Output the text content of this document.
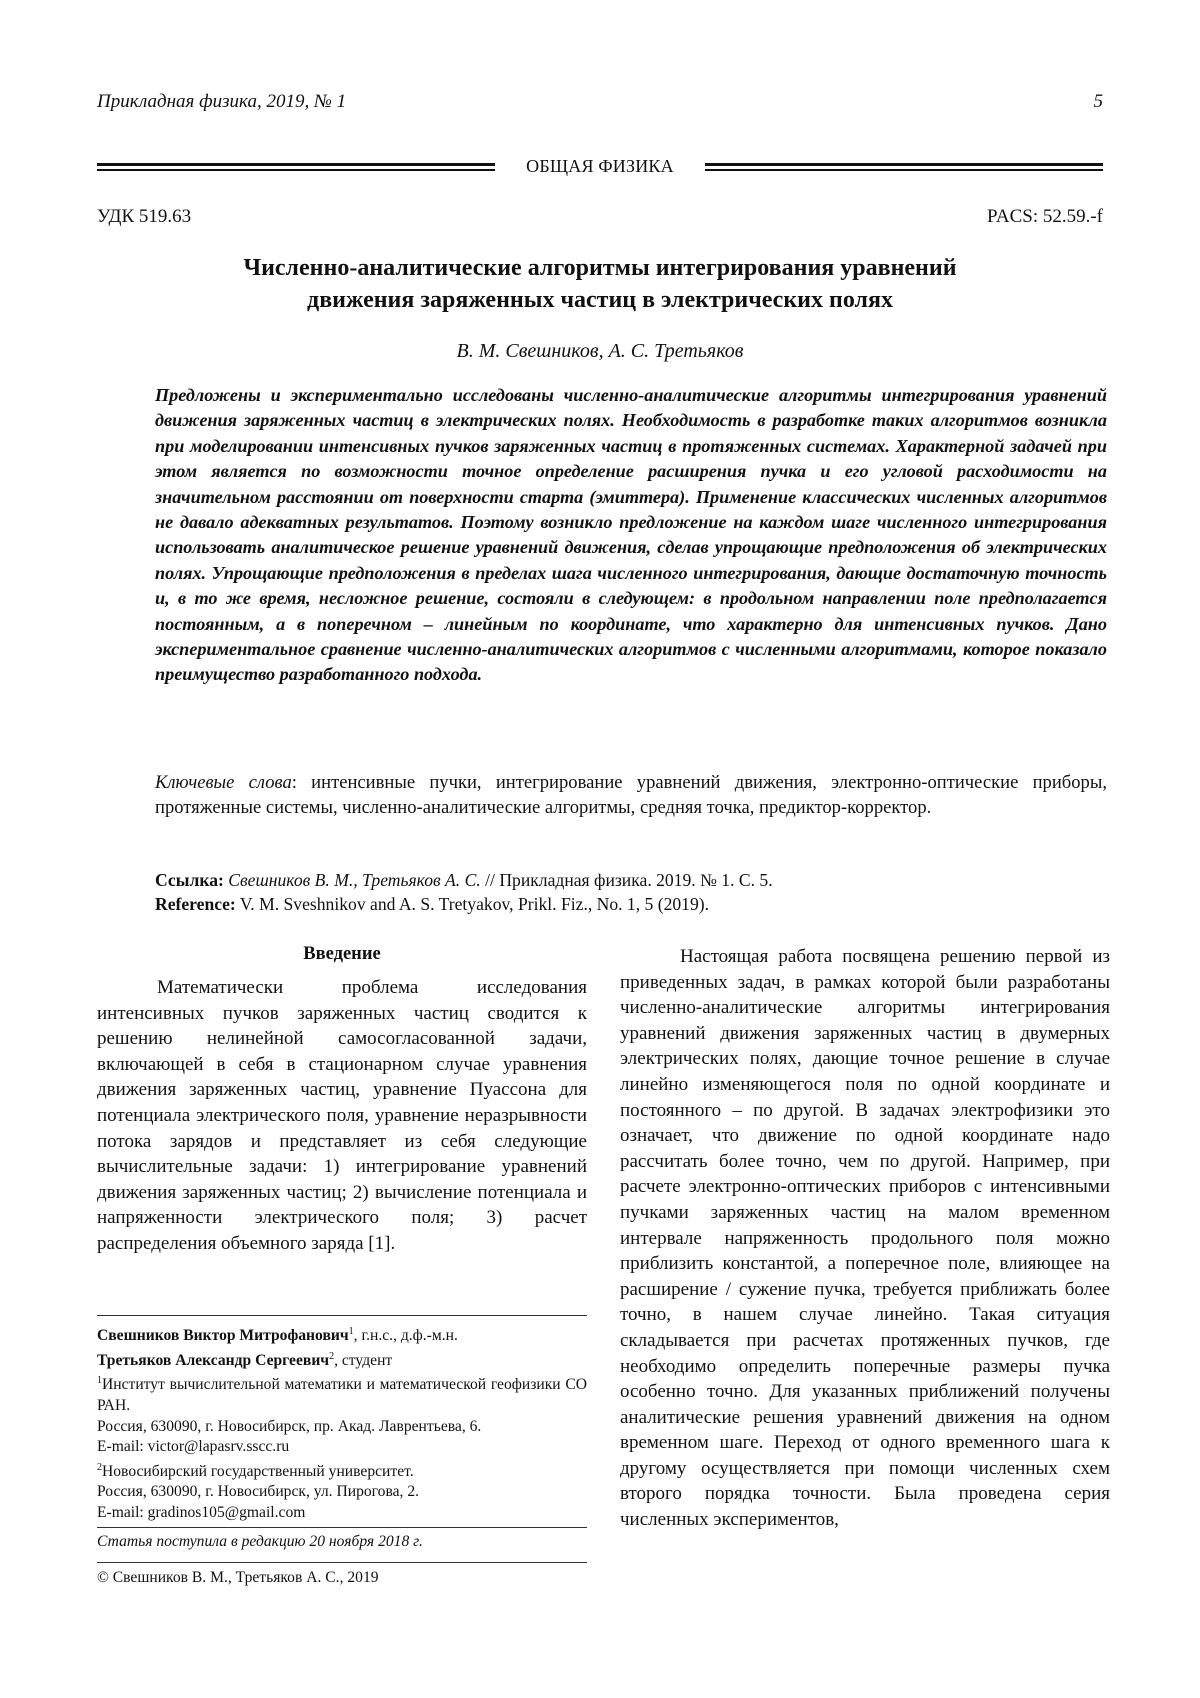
Прикладная физика, 2019, № 1	5
ОБЩАЯ ФИЗИКА
УДК 519.63	PACS: 52.59.-f
Численно-аналитические алгоритмы интегрирования уравнений
движения заряженных частиц в электрических полях
В. М. Свешников, А. С. Третьяков
Предложены и экспериментально исследованы численно-аналитические алгоритмы интегрирования уравнений движения заряженных частиц в электрических полях. Необходимость в разработке таких алгоритмов возникла при моделировании интенсивных пучков заряженных частиц в протяженных системах. Характерной задачей при этом является по возможности точное определение расширения пучка и его угловой расходимости на значительном расстоянии от поверхности старта (эмиттера). Применение классических численных алгоритмов не давало адекватных результатов. Поэтому возникло предложение на каждом шаге численного интегрирования использовать аналитическое решение уравнений движения, сделав упрощающие предположения об электрических полях. Упрощающие предположения в пределах шага численного интегрирования, дающие достаточную точность и, в то же время, несложное решение, состояли в следующем: в продольном направлении поле предполагается постоянным, а в поперечном – линейным по координате, что характерно для интенсивных пучков. Дано экспериментальное сравнение численно-аналитических алгоритмов с численными алгоритмами, которое показало преимущество разработанного подхода.
Ключевые слова: интенсивные пучки, интегрирование уравнений движения, электронно-оптические приборы, протяженные системы, численно-аналитические алгоритмы, средняя точка, предиктор-корректор.
Ссылка: Свешников В. М., Третьяков А. С. // Прикладная физика. 2019. № 1. С. 5.
Reference: V. M. Sveshnikov and A. S. Tretyakov, Prikl. Fiz., No. 1, 5 (2019).
Введение

Математически проблема исследования интенсивных пучков заряженных частиц сводится к решению нелинейной самосогласованной задачи, включающей в себя в стационарном случае уравнения движения заряженных частиц, уравнение Пуассона для потенциала электрического поля, уравнение неразрывности потока зарядов и представляет из себя следующие вычислительные задачи: 1) интегрирование уравнений движения заряженных частиц; 2) вычисление потенциала и напряженности электрического поля; 3) расчет распределения объемного заряда [1].

Настоящая работа посвящена решению первой из приведенных задач, в рамках которой были разработаны численно-аналитические алгоритмы интегрирования уравнений движения заряженных частиц в двумерных электрических полях, дающие точное решение в случае линейно изменяющегося поля по одной координате и постоянного – по другой. В задачах электрофизики это означает, что движение по одной координате надо рассчитать более точно, чем по другой. Например, при расчете электронно-оптических приборов с интенсивными пучками заряженных частиц на малом временном интервале напряженность продольного поля можно приблизить константой, а поперечное поле, влияющее на расширение / сужение пучка, требуется приближать более точно, в нашем случае линейно. Такая ситуация складывается при расчетах протяженных пучков, где необходимо определить поперечные размеры пучка особенно точно. Для указанных приближений получены аналитические решения уравнений движения на одном временном шаге. Переход от одного временного шага к другому осуществляется при помощи численных схем второго порядка точности. Была проведена серия численных экспериментов,

Свешников Виктор Митрофанович$^1$, г.н.с., д.ф.-м.н.
Третьяков Александр Сергеевич$^2$, студент
$^1$Институт вычислительной математики и математической геофизики СО РАН.
Россия, 630090, г. Новосибирск, пр. Акад. Лаврентьева, 6.
E-mail: victor@lapasrv.sscc.ru
$^2$Новосибирский государственный университет.
Россия, 630090, г. Новосибирск, ул. Пирогова, 2.
E-mail: gradinos105@gmail.com
Статья поступила в редакцию 20 ноября 2018 г.
© Свешников В. М., Третьяков А. С., 2019
